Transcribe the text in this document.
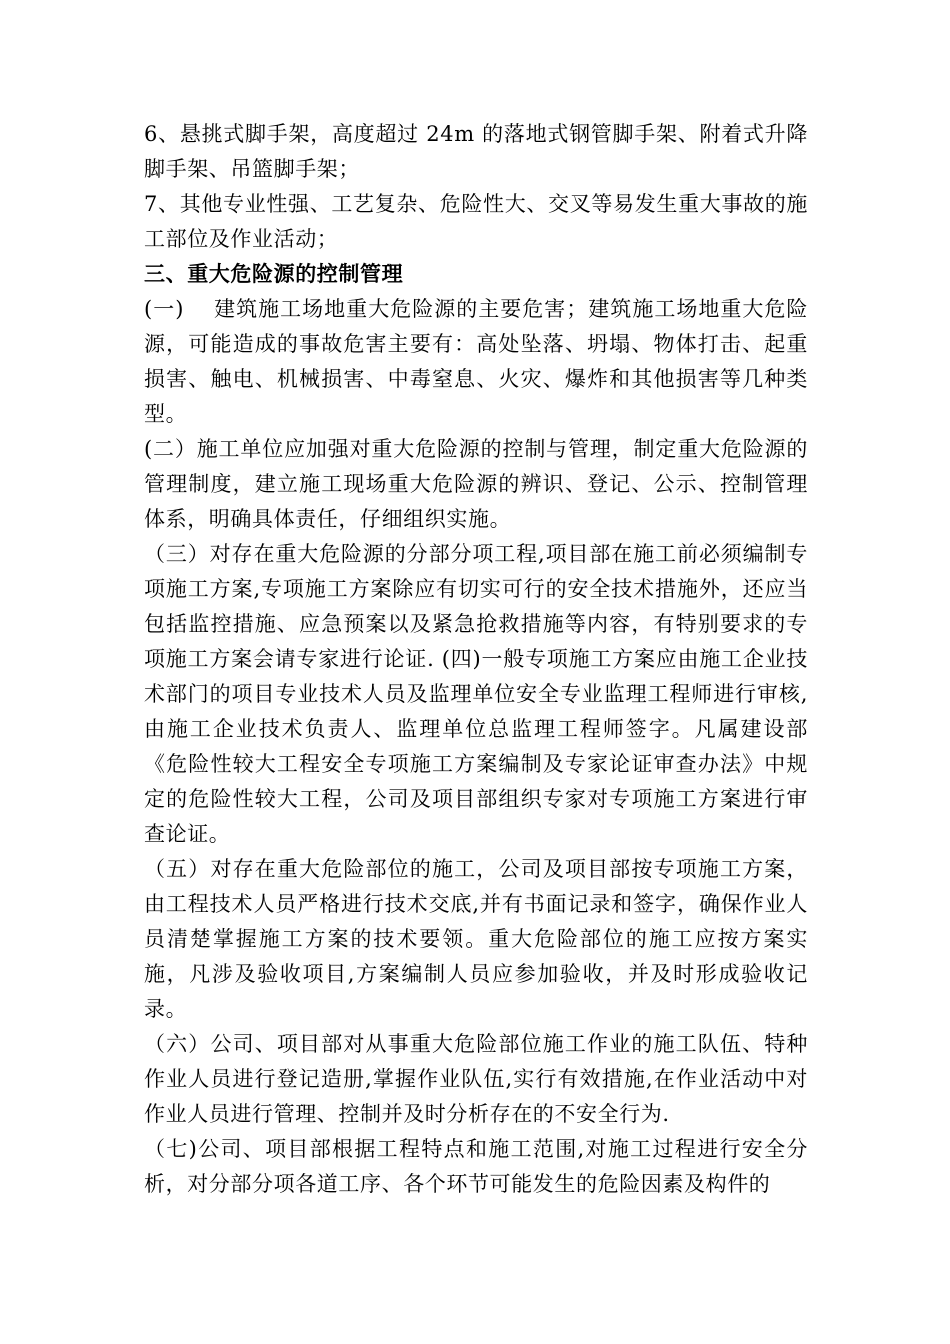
6、悬挑式脚手架，高度超过 24m 的落地式钢管脚手架、附着式升降脚手架、吊篮脚手架；

7、其他专业性强、工艺复杂、危险性大、交叉等易发生重大事故的施工部位及作业活动；

三、重大危险源的控制管理

(一)　 建筑施工场地重大危险源的主要危害；建筑施工场地重大危险源，可能造成的事故危害主要有：高处坠落、坍塌、物体打击、起重损害、触电、机械损害、中毒窒息、火灾、爆炸和其他损害等几种类型。

(二）施工单位应加强对重大危险源的控制与管理，制定重大危险源的管理制度，建立施工现场重大危险源的辨识、登记、公示、控制管理体系，明确具体责任，仔细组织实施。

（三）对存在重大危险源的分部分项工程,项目部在施工前必须编制专项施工方案,专项施工方案除应有切实可行的安全技术措施外，还应当包括监控措施、应急预案以及紧急抢救措施等内容，有特别要求的专项施工方案会请专家进行论证. (四)一般专项施工方案应由施工企业技术部门的项目专业技术人员及监理单位安全专业监理工程师进行审核,由施工企业技术负责人、监理单位总监理工程师签字。凡属建设部《危险性较大工程安全专项施工方案编制及专家论证审查办法》中规定的危险性较大工程，公司及项目部组织专家对专项施工方案进行审查论证。

（五）对存在重大危险部位的施工，公司及项目部按专项施工方案，由工程技术人员严格进行技术交底,并有书面记录和签字，确保作业人员清楚掌握施工方案的技术要领。重大危险部位的施工应按方案实施，凡涉及验收项目,方案编制人员应参加验收，并及时形成验收记录。

（六）公司、项目部对从事重大危险部位施工作业的施工队伍、特种作业人员进行登记造册,掌握作业队伍,实行有效措施,在作业活动中对作业人员进行管理、控制并及时分析存在的不安全行为.

（七)公司、项目部根据工程特点和施工范围,对施工过程进行安全分析，对分部分项各道工序、各个环节可能发生的危险因素及构件的
